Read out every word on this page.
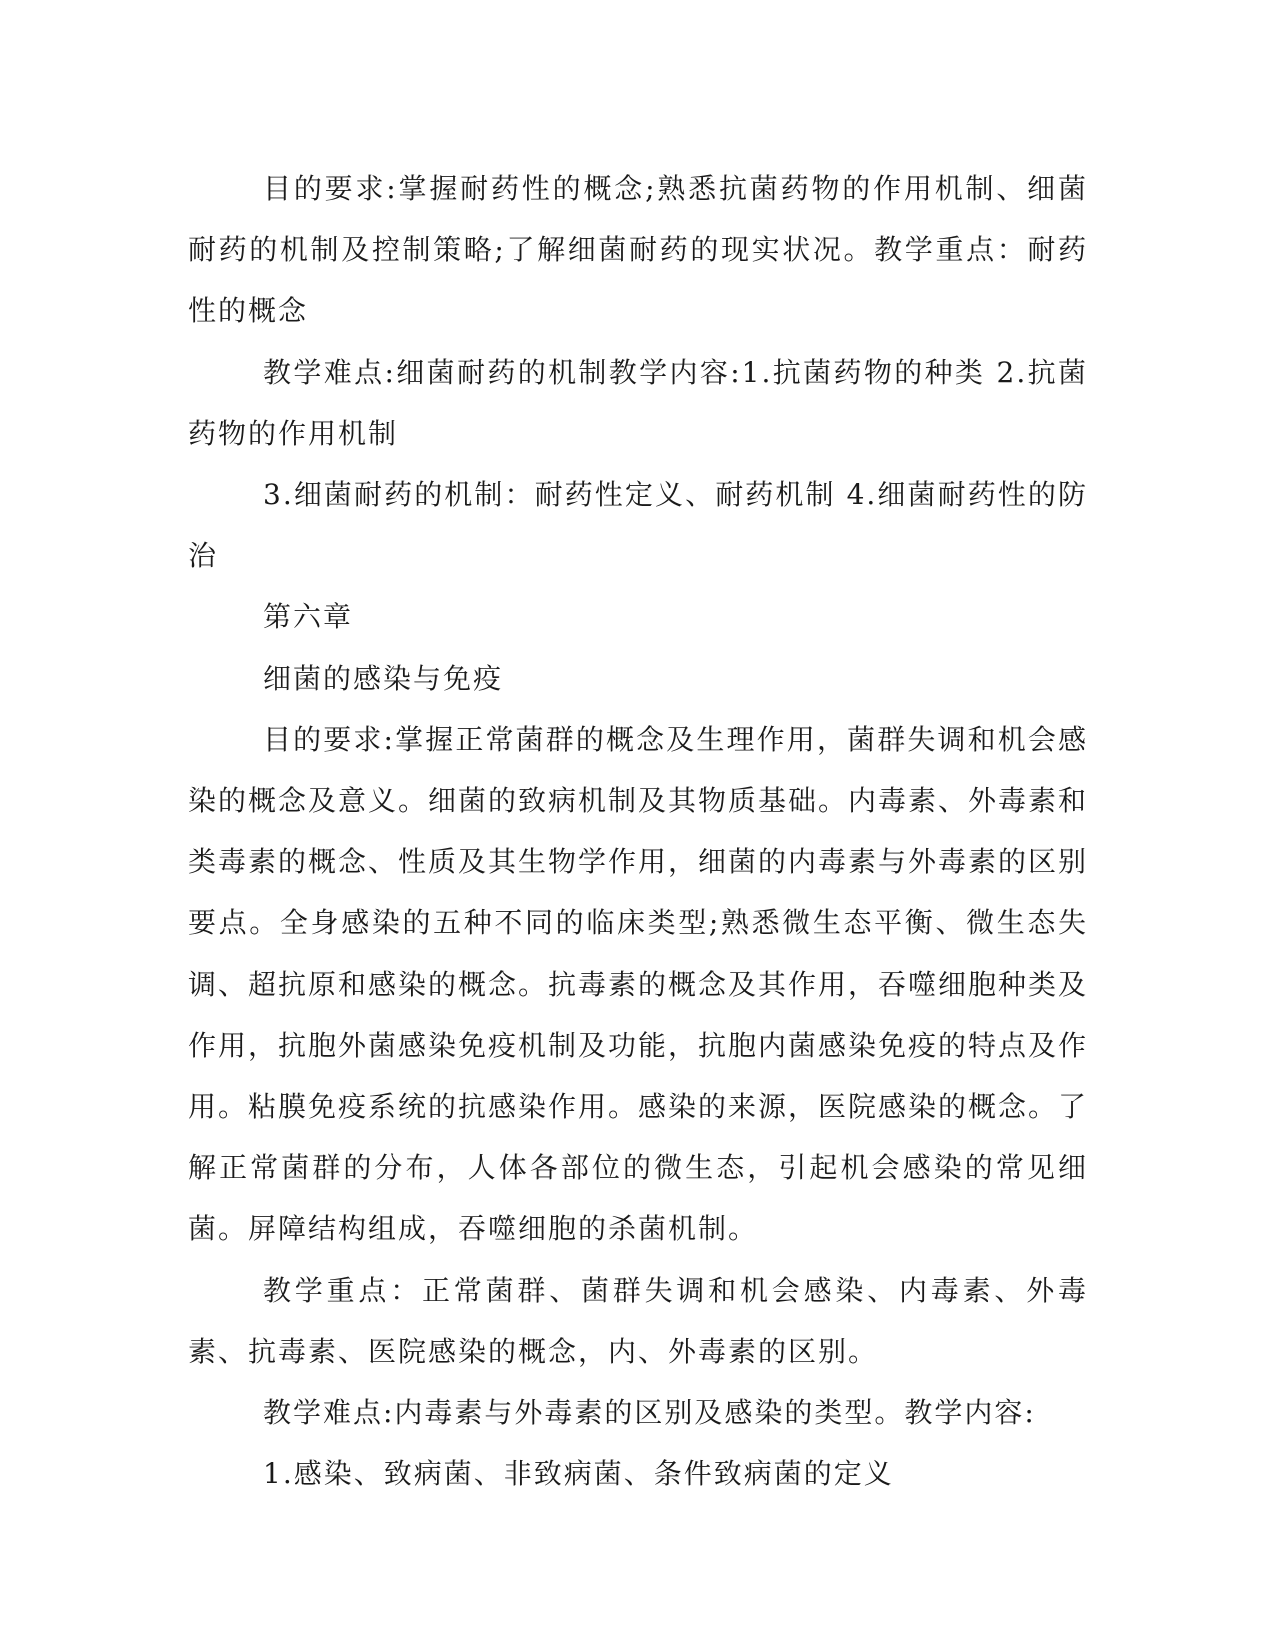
目的要求:掌握耐药性的概念;熟悉抗菌药物的作用机制、细菌耐药的机制及控制策略;了解细菌耐药的现实状况。教学重点：耐药性的概念

教学难点:细菌耐药的机制教学内容:1.抗菌药物的种类 2.抗菌药物的作用机制

3.细菌耐药的机制：耐药性定义、耐药机制 4.细菌耐药性的防治

第六章

细菌的感染与免疫

目的要求:掌握正常菌群的概念及生理作用，菌群失调和机会感染的概念及意义。细菌的致病机制及其物质基础。内毒素、外毒素和类毒素的概念、性质及其生物学作用，细菌的内毒素与外毒素的区别要点。全身感染的五种不同的临床类型;熟悉微生态平衡、微生态失调、超抗原和感染的概念。抗毒素的概念及其作用，吞噬细胞种类及作用，抗胞外菌感染免疫机制及功能，抗胞内菌感染免疫的特点及作用。粘膜免疫系统的抗感染作用。感染的来源，医院感染的概念。了解正常菌群的分布，人体各部位的微生态，引起机会感染的常见细菌。屏障结构组成，吞噬细胞的杀菌机制。

教学重点：正常菌群、菌群失调和机会感染、内毒素、外毒素、抗毒素、医院感染的概念，内、外毒素的区别。

教学难点:内毒素与外毒素的区别及感染的类型。教学内容:

1.感染、致病菌、非致病菌、条件致病菌的定义
